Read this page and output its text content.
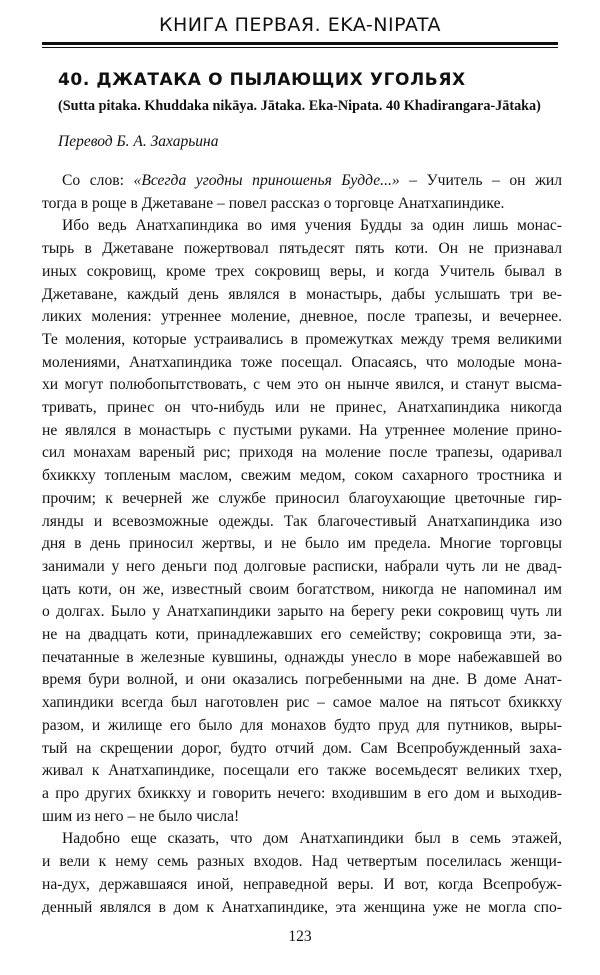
КНИГА ПЕРВАЯ. EKA-NIPATA
40. ДЖАТАКА О ПЫЛАЮЩИХ УГОЛЬЯХ
(Sutta pitaka. Khuddaka nikāya. Jātaka. Eka-Nipata. 40 Khadirangara-Jātaka)
Перевод Б. А. Захарьина
Со слов: «Всегда угодны приношенья Будде...» – Учитель – он жил
тогда в роще в Джетаване – повел рассказ о торговце Анатхапиндике.
Ибо ведь Анатхапиндика во имя учения Будды за один лишь монас-
тырь в Джетаване пожертвовал пятьдесят пять коти. Он не признавал
иных сокровищ, кроме трех сокровищ веры, и когда Учитель бывал в
Джетаване, каждый день являлся в монастырь, дабы услышать три ве-
ликих моления: утреннее моление, дневное, после трапезы, и вечернее.
Те моления, которые устраивались в промежутках между тремя великими
молениями, Анатхапиндика тоже посещал. Опасаясь, что молодые мона-
хи могут полюбопытствовать, с чем это он нынче явился, и станут высма-
тривать, принес он что-нибудь или не принес, Анатхапиндика никогда
не являлся в монастырь с пустыми руками. На утреннее моление прино-
сил монахам вареный рис; приходя на моление после трапезы, одаривал
бхиккху топленым маслом, свежим медом, соком сахарного тростника и
прочим; к вечерней же службе приносил благоухающие цветочные гир-
лянды и всевозможные одежды. Так благочестивый Анатхапиндика изо
дня в день приносил жертвы, и не было им предела. Многие торговцы
занимали у него деньги под долговые расписки, набрали чуть ли не двад-
цать коти, он же, известный своим богатством, никогда не напоминал им
о долгах. Было у Анатхапиндики зарыто на берегу реки сокровищ чуть ли
не на двадцать коти, принадлежавших его семейству; сокровища эти, за-
печатанные в железные кувшины, однажды унесло в море набежавшей во
время бури волной, и они оказались погребенными на дне. В доме Анат-
хапиндики всегда был наготовлен рис – самое малое на пятьсот бхиккху
разом, и жилище его было для монахов будто пруд для путников, выры-
тый на скрещении дорог, будто отчий дом. Сам Всепробужденный заха-
живал к Анатхапиндике, посещали его также восемьдесят великих тхер,
а про других бхиккху и говорить нечего: входившим в его дом и выходив-
шим из него – не было числа!
Надобно еще сказать, что дом Анатхапиндики был в семь этажей,
и вели к нему семь разных входов. Над четвертым поселилась женщи-
на-дух, державшаяся иной, неправедной веры. И вот, когда Всепробуж-
денный являлся в дом к Анатхапиндике, эта женщина уже не могла спо-
123
